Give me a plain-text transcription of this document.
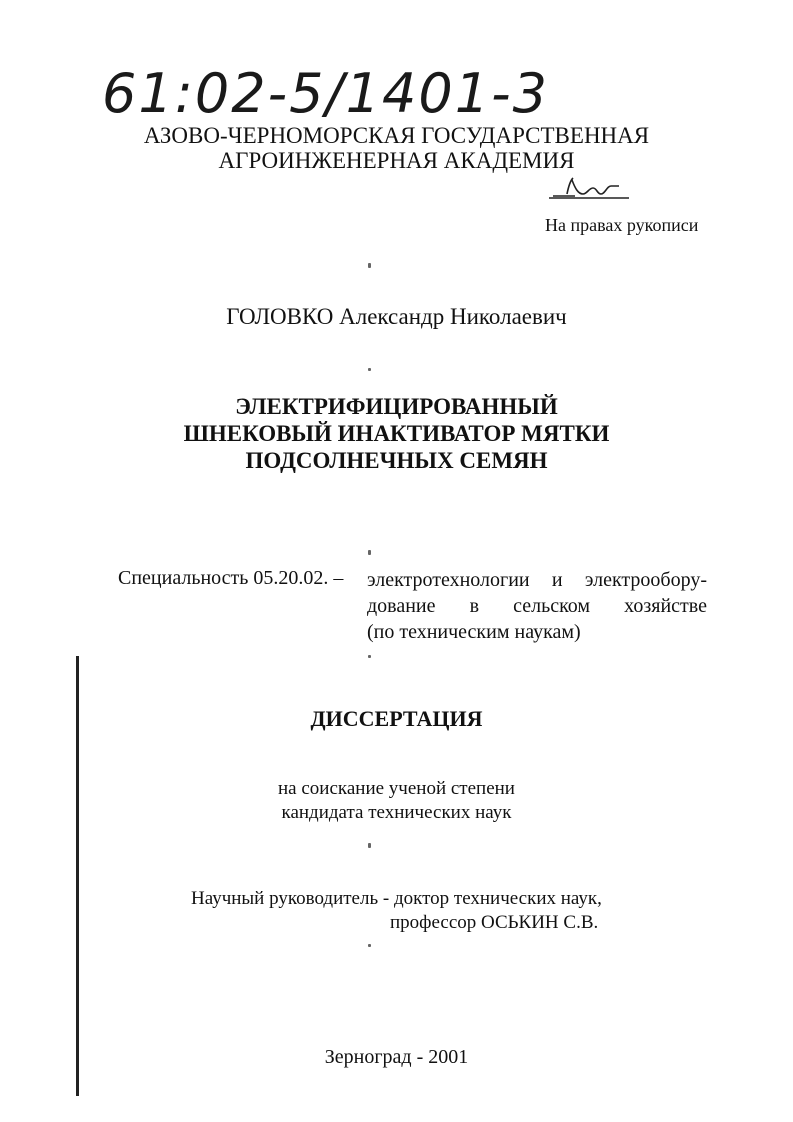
61:02-5/1401-3
АЗОВО-ЧЕРНОМОРСКАЯ ГОСУДАРСТВЕННАЯ
АГРОИНЖЕНЕРНАЯ АКАДЕМИЯ
На правах рукописи
ГОЛОВКО Александр Николаевич
ЭЛЕКТРИФИЦИРОВАННЫЙ
ШНЕКОВЫЙ ИНАКТИВАТОР МЯТКИ
ПОДСОЛНЕЧНЫХ СЕМЯН
Специальность 05.20.02. – электротехнологии и электрообору-
дование в сельском хозяйстве
(по техническим наукам)
ДИССЕРТАЦИЯ
на соискание ученой степени
кандидата технических наук
Научный руководитель - доктор технических наук,
профессор ОСЬКИН С.В.
Зерноград - 2001
